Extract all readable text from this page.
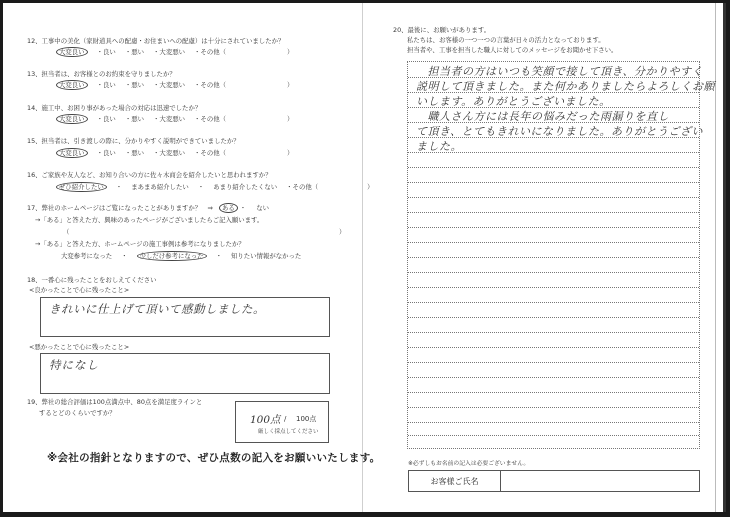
12、工事中の美化（家財道具への配慮・お住まいへの配慮）は十分にされていましたか？
大変良い ・良い ・悪い ・大変悪い ・その他（	）
13、担当者は、お客様とのお約束を守りましたか？
大変良い ・良い ・悪い ・大変悪い ・その他（	）
14、施工中、お困り事があった場合の対応は迅速でしたか？
大変良い ・良い ・悪い ・大変悪い ・その他（	）
15、担当者は、引き渡しの際に、分かりやすく説明ができていましたか？
大変良い ・良い ・悪い ・大変悪い ・その他（	）
16、ご家族や友人など、お知り合いの方に佐々木商会を紹介したいと思われますか？
ぜひ紹介したい ・ まあまあ紹介したい ・ あまり紹介したくない ・その他（	）
17、弊社のホームページはご覧になったことがありますか？　⇒ ある ・ ない
→「ある」と答えた方、興味のあったページがございましたらご記入願います。
（	）
→「ある」と答えた方、ホームページの施工事例は参考になりましたか？
大変参考になった ・ 少しだけ参考になった ・ 知りたい情報がなかった
18、一番心に残ったことをおしえてください
<良かったことで心に残ったこと>
きれいに仕上げて頂いて感動しました。
<悪かったことで心に残ったこと>
特になし
19、弊社の総合評価は100点満点中、80点を満足度ラインと
するとどのくらいですか？
100点 / 100点
厳しく採点してください
※会社の指針となりますので、ぜひ点数の記入をお願いいたします。
20、最後に、お願いがあります。
私たちは、お客様の一つ一つの言葉が日々の活力となっております。
担当者や、工事を担当した職人に対してのメッセージをお聞かせ下さい。
　担当者の方はいつも笑顔で接して頂き、分かりやすく
説明して頂きました。また何かありましたらよろしくお願
いします。ありがとうございました。
　職人さん方には長年の悩みだった雨漏りを直し
て頂き、とてもきれいになりました。ありがとうござい
ました。
※必ずしもお名前の記入は必要ございません。
お客様ご氏名
